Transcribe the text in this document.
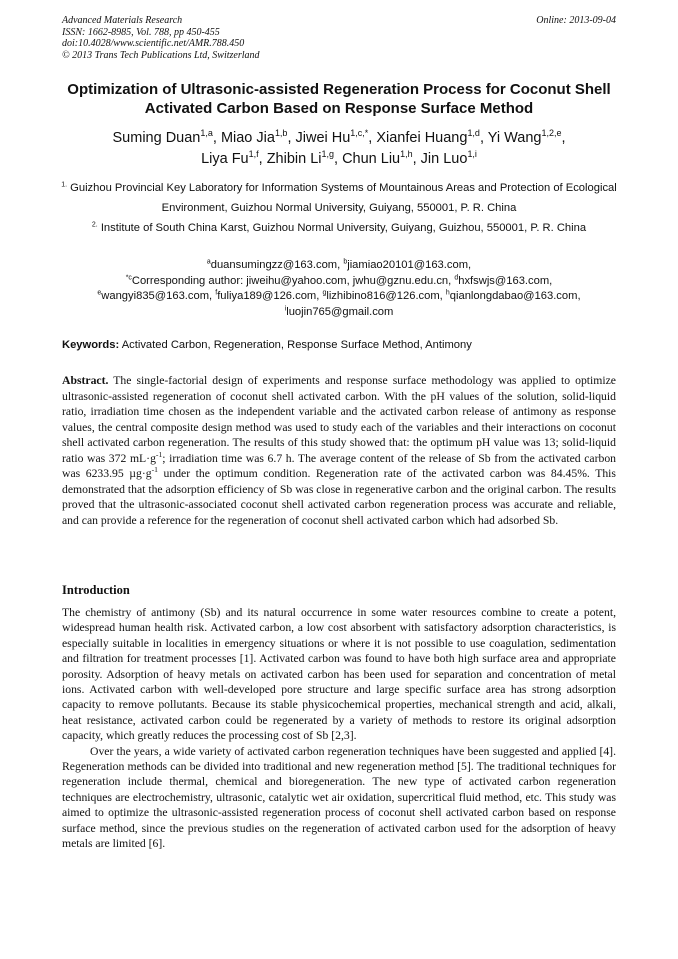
Advanced Materials Research
ISSN: 1662-8985, Vol. 788, pp 450-455
doi:10.4028/www.scientific.net/AMR.788.450
© 2013 Trans Tech Publications Ltd, Switzerland
Online: 2013-09-04
Optimization of Ultrasonic-assisted Regeneration Process for Coconut Shell Activated Carbon Based on Response Surface Method
Suming Duan$^{1,a}$, Miao Jia$^{1,b}$, Jiwei $Hu^{1,c,*}$, Xianfei Huang$^{1,d}$, Yi Wang$^{1,2,e}$,
Liya Fu$^{1,f}$, Zhibin Li$^{1,g}$, Chun Liu$^{1,h}$, Jin Luo$^{1,i}$

$^{1.}$ Guizhou Provincial Key Laboratory for Information Systems of Mountainous Areas and Protection of Ecological Environment, Guizhou Normal University, Guiyang, 550001, P. R. China

$^{2.}$ Institute of South China Karst, Guizhou Normal University, Guiyang, Guizhou, 550001, P. R. China

$^a$duansumingzz@163.com, $^b$jiamiao20101@163.com,
$^{*c}$Corresponding author: jiweihu@yahoo.com, jwhu@gznu.edu.cn, $^d$hxfswjs@163.com,
$^e$wangyi835@163.com, $^f$fuliya189@126.com, $^g$lizhibino816@126.com, $^h$qianlongdabao@163.com,
$^i$luojin765@gmail.com
Keywords: Activated Carbon, Regeneration, Response Surface Method, Antimony
Abstract. The single-factorial design of experiments and response surface methodology was applied to optimize ultrasonic-assisted regeneration of coconut shell activated carbon. With the pH values of the solution, solid-liquid ratio, irradiation time chosen as the independent variable and the activated carbon release of antimony as response values, the central composite design method was used to study each of the variables and their interactions on coconut shell activated carbon regeneration. The results of this study showed that: the optimum pH value was 13; solid-liquid ratio was 372 $mL\cdot g^{-1}$; irradiation time was 6.7 h. The average content of the release of Sb from the activated carbon was 6233.95 $\mu g\cdot g^{-1}$ under the optimum condition. Regeneration rate of the activated carbon was 84.45%. This demonstrated that the adsorption efficiency of Sb was close in regenerative carbon and the original carbon. The results proved that the ultrasonic-associated coconut shell activated carbon regeneration process was accurate and reliable, and can provide a reference for the regeneration of coconut shell activated carbon which had adsorbed Sb.
Introduction

The chemistry of antimony (Sb) and its natural occurrence in some water resources combine to create a potent, widespread human health risk. Activated carbon, a low cost absorbent with satisfactory adsorption characteristics, is especially suitable in localities in emergency situations or where it is not possible to use coagulation, sedimentation and filtration for treatment processes [1]. Activated carbon was found to have both high surface area and appropriate porosity. Adsorption of heavy metals on activated carbon has been used for separation and concentration of metal ions. Activated carbon with well-developed pore structure and large specific surface area has strong adsorption capacity to remove pollutants. Because its stable physicochemical properties, mechanical strength and acid, alkali, heat resistance, activated carbon could be regenerated by a variety of methods to restore its original adsorption capacity, which greatly reduces the processing cost of Sb [2,3].

Over the years, a wide variety of activated carbon regeneration techniques have been suggested and applied [4]. Regeneration methods can be divided into traditional and new regeneration method [5]. The traditional techniques for regeneration include thermal, chemical and bioregeneration. The new type of activated carbon regeneration techniques are electrochemistry, ultrasonic, catalytic wet air oxidation, supercritical fluid method, etc. This study was aimed to optimize the ultrasonic-assisted regeneration process of coconut shell activated carbon based on response surface method, since the previous studies on the regeneration of activated carbon used for the adsorption of heavy metals are limited [6].
